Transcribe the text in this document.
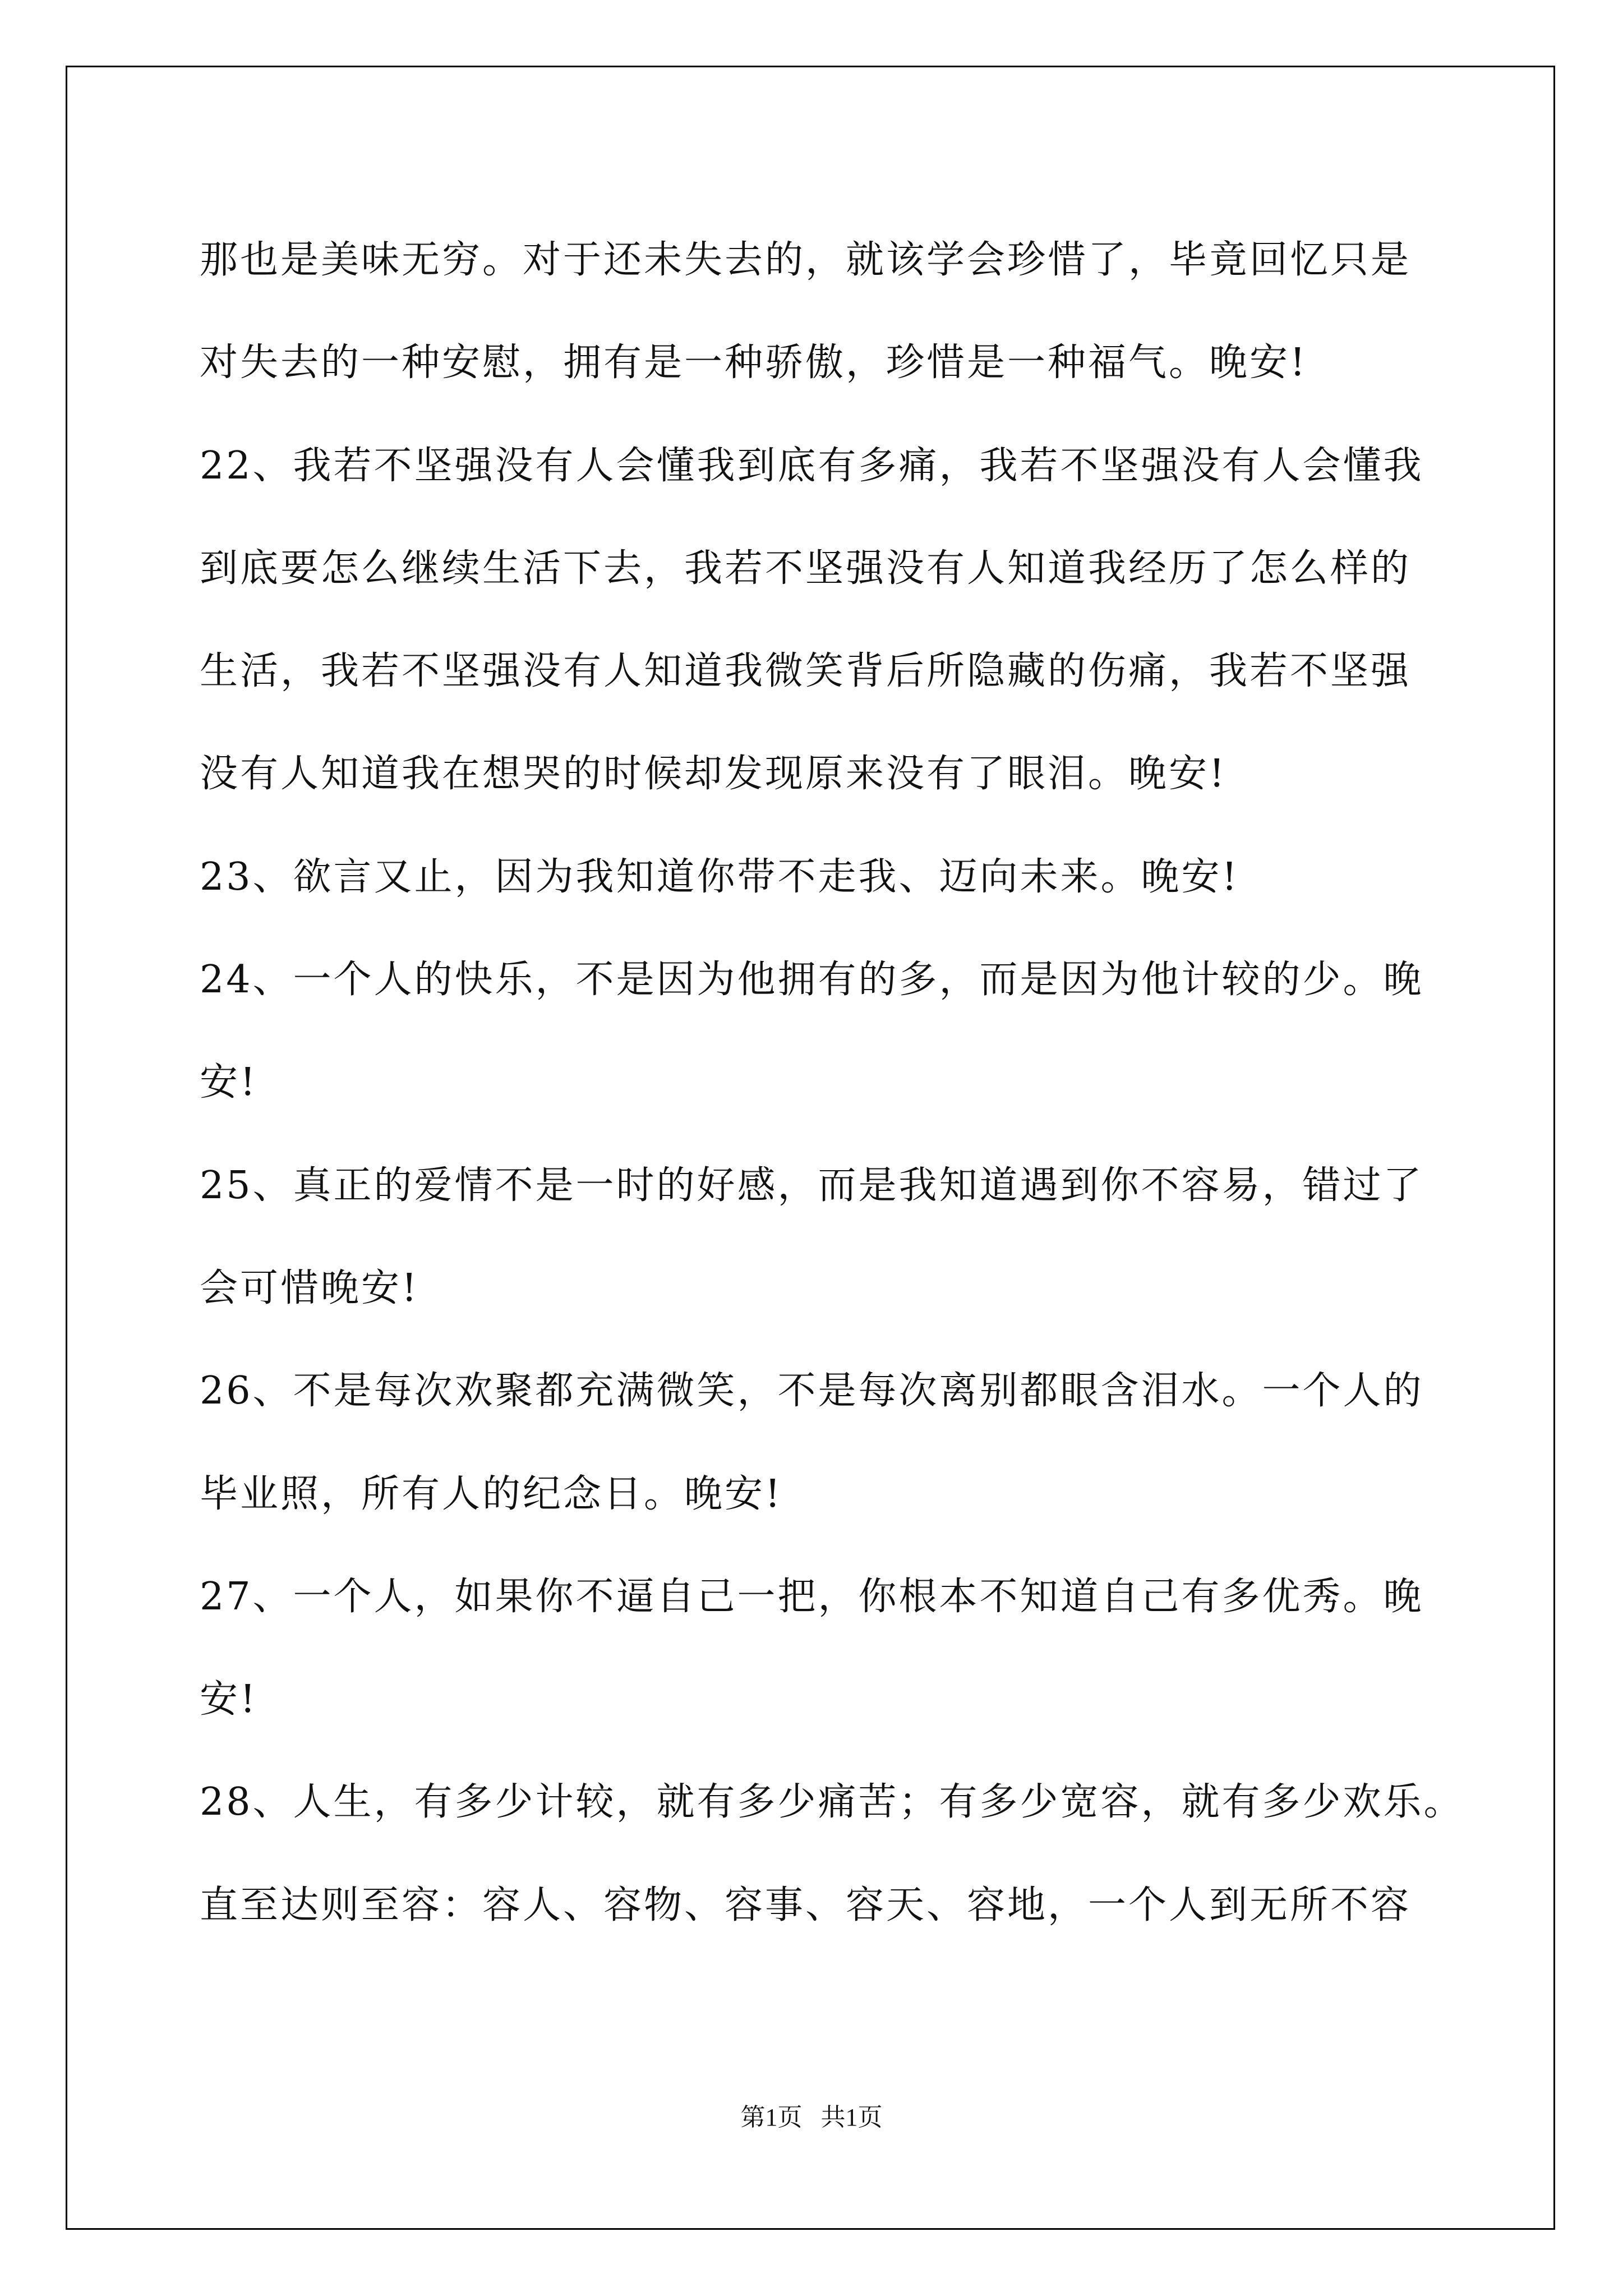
那也是美味无穷。对于还未失去的，就该学会珍惜了，毕竟回忆只是
对失去的一种安慰，拥有是一种骄傲，珍惜是一种福气。晚安!
22、我若不坚强没有人会懂我到底有多痛，我若不坚强没有人会懂我
到底要怎么继续生活下去，我若不坚强没有人知道我经历了怎么样的
生活，我若不坚强没有人知道我微笑背后所隐藏的伤痛，我若不坚强
没有人知道我在想哭的时候却发现原来没有了眼泪。晚安!
23、欲言又止，因为我知道你带不走我、迈向未来。晚安!
24、一个人的快乐，不是因为他拥有的多，而是因为他计较的少。晚
安!
25、真正的爱情不是一时的好感，而是我知道遇到你不容易，错过了
会可惜晚安!
26、不是每次欢聚都充满微笑，不是每次离别都眼含泪水。一个人的
毕业照，所有人的纪念日。晚安!
27、一个人，如果你不逼自己一把，你根本不知道自己有多优秀。晚
安!
28、人生，有多少计较，就有多少痛苦；有多少宽容，就有多少欢乐。
直至达则至容：容人、容物、容事、容天、容地，一个人到无所不容
第1页   共1页
